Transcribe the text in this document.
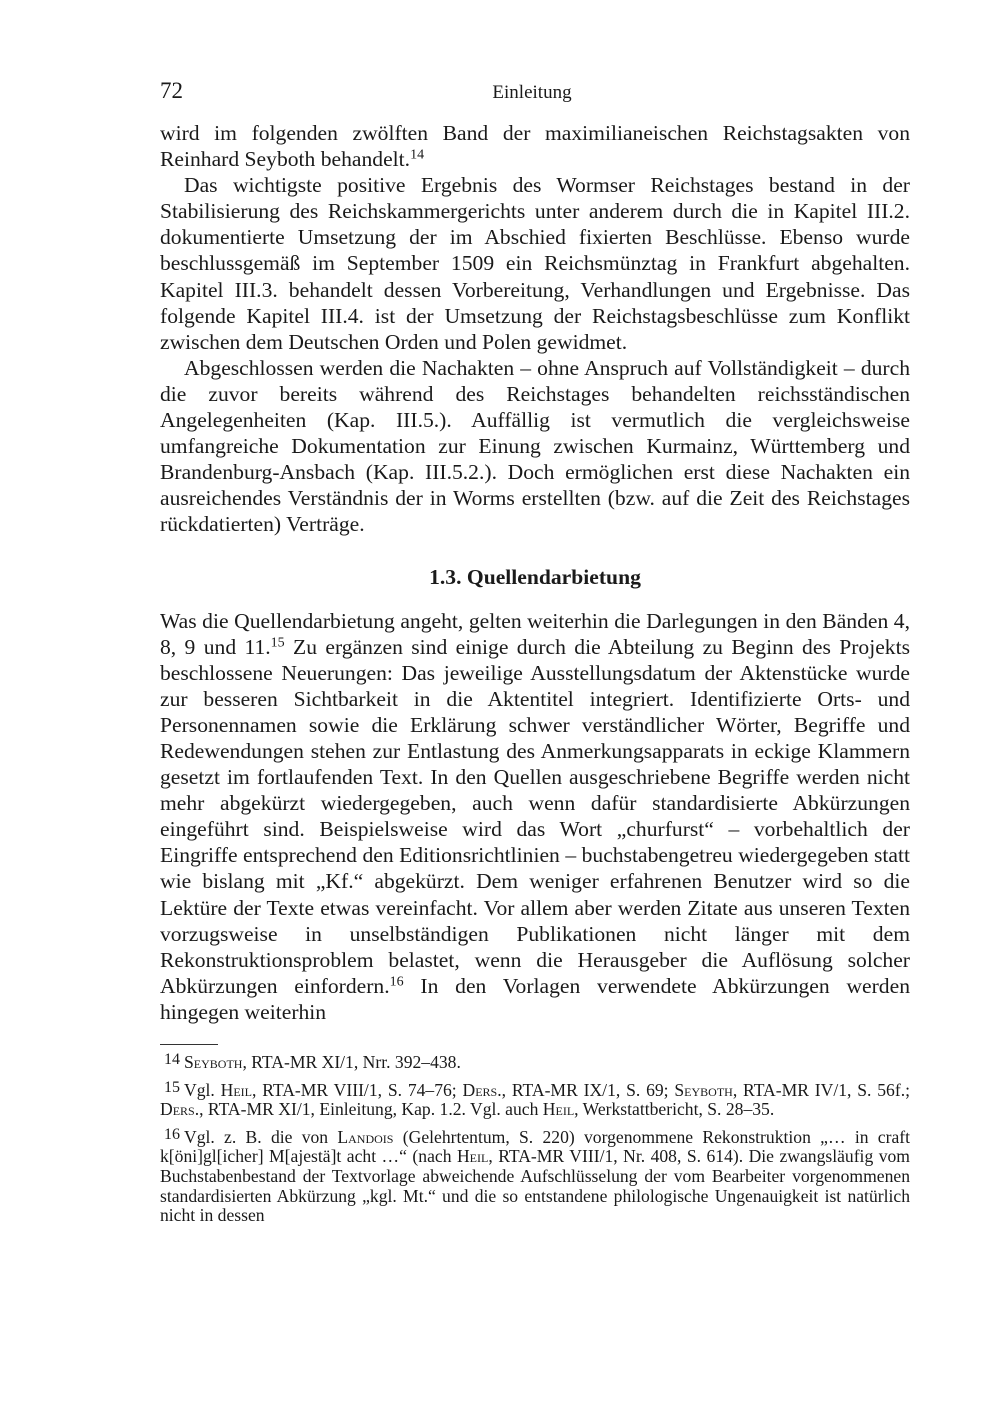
72	Einleitung

wird im folgenden zwölften Band der maximilianeischen Reichstagsakten von Reinhard Seyboth behandelt.$^{14}$

Das wichtigste positive Ergebnis des Wormser Reichstages bestand in der Stabilisierung des Reichskammergerichts unter anderem durch die in Kapitel III.2. dokumentierte Umsetzung der im Abschied fixierten Beschlüsse. Ebenso wurde beschlussgemäß im September 1509 ein Reichsmünztag in Frankfurt abgehalten. Kapitel III.3. behandelt dessen Vorbereitung, Verhandlungen und Ergebnisse. Das folgende Kapitel III.4. ist der Umsetzung der Reichstagsbeschlüsse zum Konflikt zwischen dem Deutschen Orden und Polen gewidmet.

Abgeschlossen werden die Nachakten – ohne Anspruch auf Vollständigkeit – durch die zuvor bereits während des Reichstages behandelten reichsständischen Angelegenheiten (Kap. III.5.). Auffällig ist vermutlich die vergleichsweise umfangreiche Dokumentation zur Einung zwischen Kurmainz, Württemberg und Brandenburg-Ansbach (Kap. III.5.2.). Doch ermöglichen erst diese Nachakten ein ausreichendes Verständnis der in Worms erstellten (bzw. auf die Zeit des Reichstages rückdatierten) Verträge.

1.3. Quellendarbietung

Was die Quellendarbietung angeht, gelten weiterhin die Darlegungen in den Bänden 4, 8, 9 und 11.15 Zu ergänzen sind einige durch die Abteilung zu Beginn des Projekts beschlossene Neuerungen: Das jeweilige Ausstellungsdatum der Aktenstücke wurde zur besseren Sichtbarkeit in die Aktentitel integriert. Identifizierte Orts- und Personennamen sowie die Erklärung schwer verständlicher Wörter, Begriffe und Redewendungen stehen zur Entlastung des Anmerkungsapparats in eckige Klammern gesetzt im fortlaufenden Text. In den Quellen ausgeschriebene Begriffe werden nicht mehr abgekürzt wiedergegeben, auch wenn dafür standardisierte Abkürzungen eingeführt sind. Beispielsweise wird das Wort „churfurst“ – vorbehaltlich der Eingriffe entsprechend den Editionsrichtlinien – buchstabengetreu wiedergegeben statt wie bislang mit „Kf.“ abgekürzt. Dem weniger erfahrenen Benutzer wird so die Lektüre der Texte etwas vereinfacht. Vor allem aber werden Zitate aus unseren Texten vorzugsweise in unselbständigen Publikationen nicht länger mit dem Rekonstruktionsproblem belastet, wenn die Herausgeber die Auflösung solcher Abkürzungen einfordern.$^{16}$ In den Vorlagen verwendete Abkürzungen werden hingegen weiterhin

14 Seyboth, RTA-MR XI/1, Nrr. 392–438.

15 Vgl. Heil, RTA-MR VIII/1, S. 74–76; Ders., RTA-MR IX/1, S. 69; Seyboth, RTA-MR IV/1, S. 56f.; Ders., RTA-MR XI/1, Einleitung, Kap. 1.2. Vgl. auch Heil, Werkstattbericht, S. 28–35.

16 Vgl. z. B. die von Landois (Gelehrtentum, S. 220) vorgenommene Rekonstruktion „… in craft k[öni]gl[icher] M[ajestä]t acht …“ (nach Heil, RTA-MR VIII/1, Nr. 408, S. 614). Die zwangsläufig vom Buchstabenbestand der Textvorlage abweichende Aufschlüsselung der vom Bearbeiter vorgenommenen standardisierten Abkürzung „kgl. Mt.“ und die so entstandene philologische Ungenauigkeit ist natürlich nicht in dessen
